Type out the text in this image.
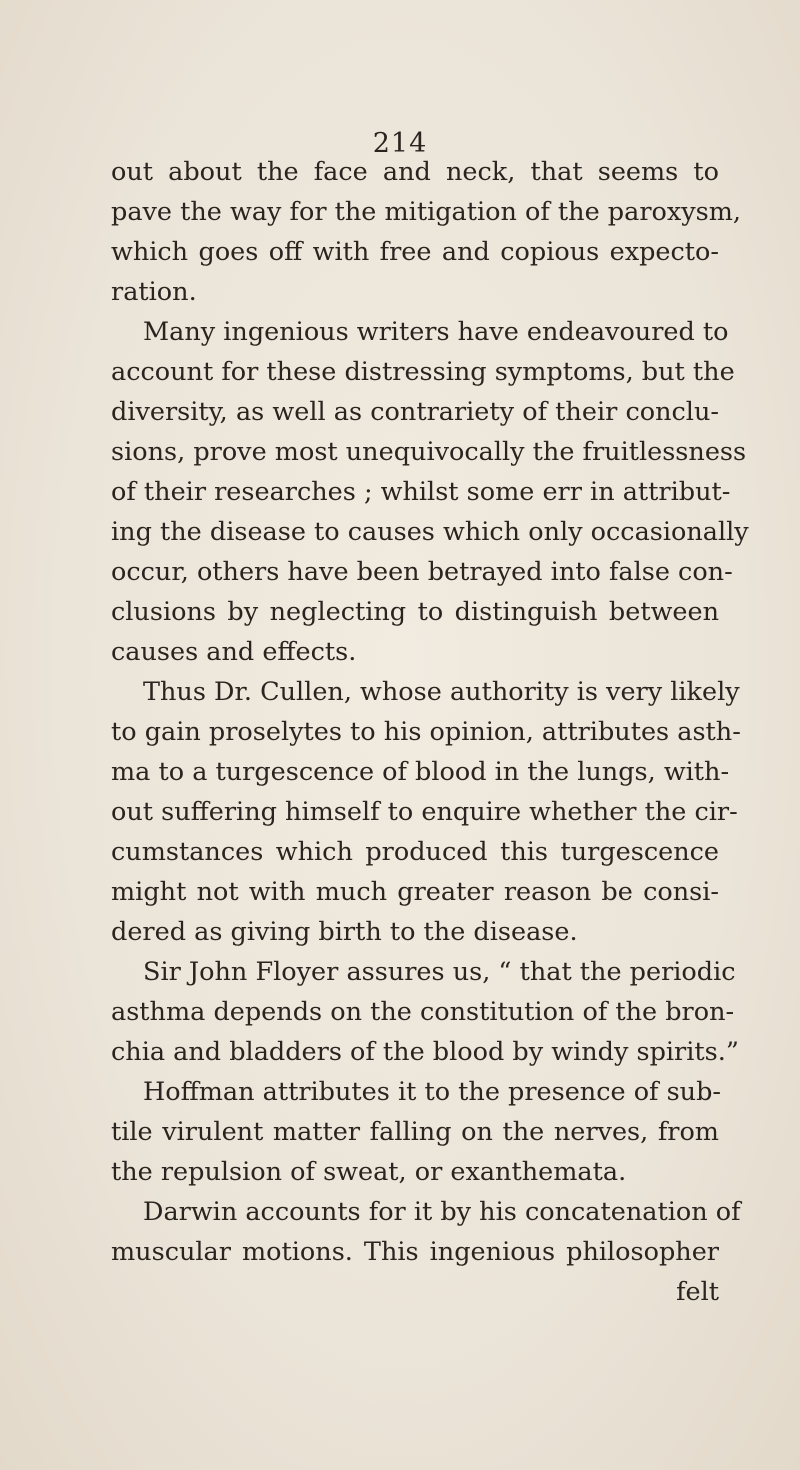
214
out about the face and neck, that seems to
pave the way for the mitigation of the paroxysm,
which goes off with free and copious expecto-
ration.
Many ingenious writers have endeavoured to
account for these distressing symptoms, but the
diversity, as well as contrariety of their conclu-
sions, prove most unequivocally the fruitlessness
of their researches ; whilst some err in attribut-
ing the disease to causes which only occasionally
occur, others have been betrayed into false con-
clusions by neglecting to distinguish between
causes and effects.
Thus Dr. Cullen, whose authority is very likely
to gain proselytes to his opinion, attributes asth-
ma to a turgescence of blood in the lungs, with-
out suffering himself to enquire whether the cir-
cumstances which produced this turgescence
might not with much greater reason be consi-
dered as giving birth to the disease.
Sir John Floyer assures us, “ that the periodic
asthma depends on the constitution of the bron-
chia and bladders of the blood by windy spirits.”
Hoffman attributes it to the presence of sub-
tile virulent matter falling on the nerves, from
the repulsion of sweat, or exanthemata.
Darwin accounts for it by his concatenation of
muscular motions. This ingenious philosopher
felt
